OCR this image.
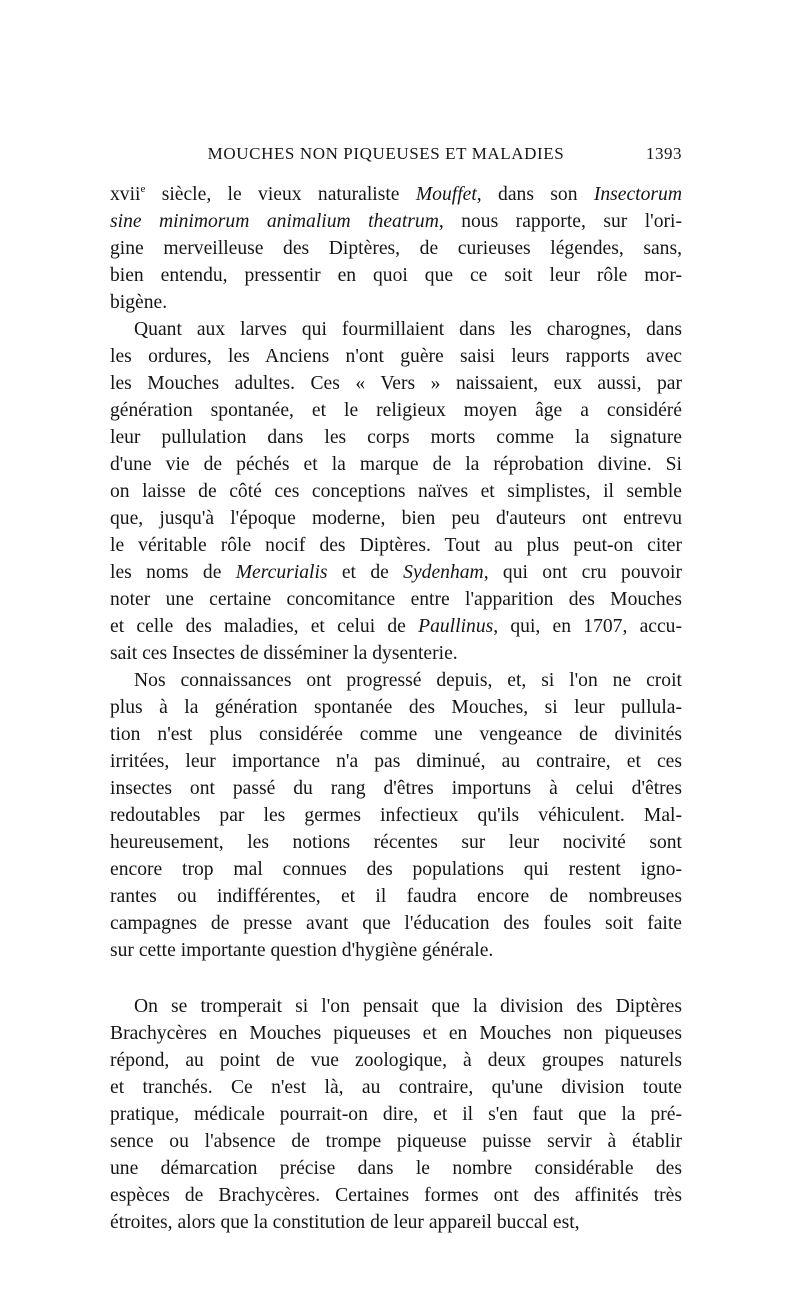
MOUCHES NON PIQUEUSES ET MALADIES	1393
xvii$^e$ siècle, le vieux naturaliste Mouffet, dans son Insectorum
sine minimorum animalium theatrum, nous rapporte, sur l'ori-
gine merveilleuse des Diptères, de curieuses légendes, sans,
bien entendu, pressentir en quoi que ce soit leur rôle mor-
bigène.
Quant aux larves qui fourmillaient dans les charognes, dans
les ordures, les Anciens n'ont guère saisi leurs rapports avec
les Mouches adultes. Ces « Vers » naissaient, eux aussi, par
génération spontanée, et le religieux moyen âge a considéré
leur pullulation dans les corps morts comme la signature
d'une vie de péchés et la marque de la réprobation divine. Si
on laisse de côté ces conceptions naïves et simplistes, il semble
que, jusqu'à l'époque moderne, bien peu d'auteurs ont entrevu
le véritable rôle nocif des Diptères. Tout au plus peut-on citer
les noms de Mercurialis et de Sydenham, qui ont cru pouvoir
noter une certaine concomitance entre l'apparition des Mouches
et celle des maladies, et celui de Paullinus, qui, en 1707, accu-
sait ces Insectes de disséminer la dysenterie.
Nos connaissances ont progressé depuis, et, si l'on ne croit
plus à la génération spontanée des Mouches, si leur pullula-
tion n'est plus considérée comme une vengeance de divinités
irritées, leur importance n'a pas diminué, au contraire, et ces
insectes ont passé du rang d'êtres importuns à celui d'êtres
redoutables par les germes infectieux qu'ils véhiculent. Mal-
heureusement, les notions récentes sur leur nocivité sont
encore trop mal connues des populations qui restent igno-
rantes ou indifférentes, et il faudra encore de nombreuses
campagnes de presse avant que l'éducation des foules soit faite
sur cette importante question d'hygiène générale.
On se tromperait si l'on pensait que la division des Diptères
Brachycères en Mouches piqueuses et en Mouches non piqueuses
répond, au point de vue zoologique, à deux groupes naturels
et tranchés. Ce n'est là, au contraire, qu'une division toute
pratique, médicale pourrait-on dire, et il s'en faut que la pré-
sence ou l'absence de trompe piqueuse puisse servir à établir
une démarcation précise dans le nombre considérable des
espèces de Brachycères. Certaines formes ont des affinités très
étroites, alors que la constitution de leur appareil buccal est,
